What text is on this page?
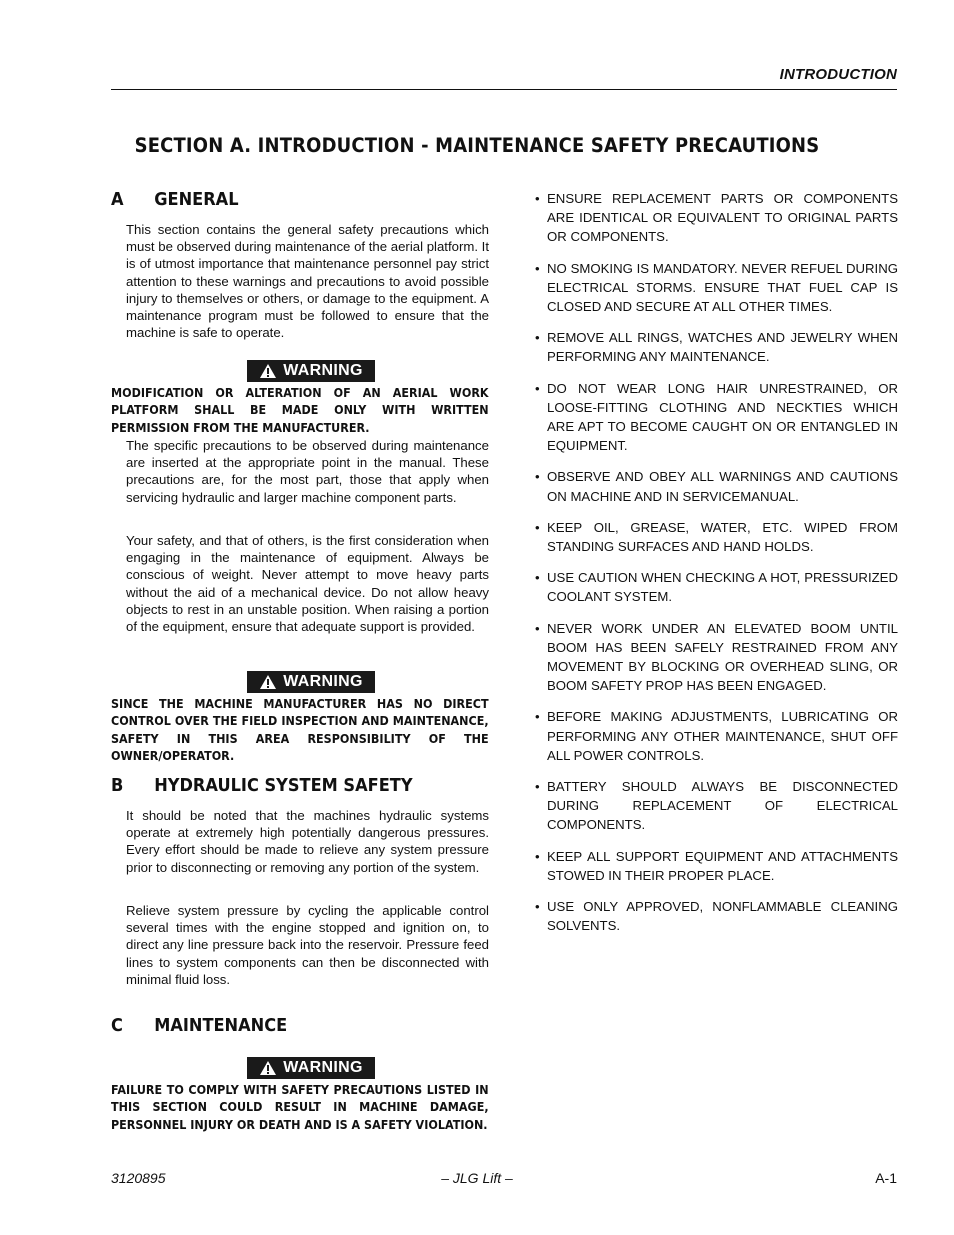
INTRODUCTION
SECTION A. INTRODUCTION - MAINTENANCE SAFETY PRECAUTIONS
A GENERAL
This section contains the general safety precautions which must be observed during maintenance of the aerial platform. It is of utmost importance that maintenance personnel pay strict attention to these warnings and precautions to avoid possible injury to themselves or others, or damage to the equipment. A maintenance program must be followed to ensure that the machine is safe to operate.
WARNING
MODIFICATION OR ALTERATION OF AN AERIAL WORK PLATFORM SHALL BE MADE ONLY WITH WRITTEN PERMISSION FROM THE MANUFACTURER.
The specific precautions to be observed during maintenance are inserted at the appropriate point in the manual. These precautions are, for the most part, those that apply when servicing hydraulic and larger machine component parts.
Your safety, and that of others, is the first consideration when engaging in the maintenance of equipment. Always be conscious of weight. Never attempt to move heavy parts without the aid of a mechanical device. Do not allow heavy objects to rest in an unstable position. When raising a portion of the equipment, ensure that adequate support is provided.
WARNING
SINCE THE MACHINE MANUFACTURER HAS NO DIRECT CONTROL OVER THE FIELD INSPECTION AND MAINTENANCE, SAFETY IN THIS AREA RESPONSIBILITY OF THE OWNER/OPERATOR.
B HYDRAULIC SYSTEM SAFETY
It should be noted that the machines hydraulic systems operate at extremely high potentially dangerous pressures. Every effort should be made to relieve any system pressure prior to disconnecting or removing any portion of the system.
Relieve system pressure by cycling the applicable control several times with the engine stopped and ignition on, to direct any line pressure back into the reservoir. Pressure feed lines to system components can then be disconnected with minimal fluid loss.
C MAINTENANCE
WARNING
FAILURE TO COMPLY WITH SAFETY PRECAUTIONS LISTED IN THIS SECTION COULD RESULT IN MACHINE DAMAGE, PERSONNEL INJURY OR DEATH AND IS A SAFETY VIOLATION.
• ENSURE REPLACEMENT PARTS OR COMPONENTS ARE IDENTICAL OR EQUIVALENT TO ORIGINAL PARTS OR COMPONENTS.
• NO SMOKING IS MANDATORY. NEVER REFUEL DURING ELECTRICAL STORMS. ENSURE THAT FUEL CAP IS CLOSED AND SECURE AT ALL OTHER TIMES.
• REMOVE ALL RINGS, WATCHES AND JEWELRY WHEN PERFORMING ANY MAINTENANCE.
• DO NOT WEAR LONG HAIR UNRESTRAINED, OR LOOSE-FITTING CLOTHING AND NECKTIES WHICH ARE APT TO BECOME CAUGHT ON OR ENTANGLED IN EQUIPMENT.
• OBSERVE AND OBEY ALL WARNINGS AND CAUTIONS ON MACHINE AND IN SERVICEMANUAL.
• KEEP OIL, GREASE, WATER, ETC. WIPED FROM STANDING SURFACES AND HAND HOLDS.
• USE CAUTION WHEN CHECKING A HOT, PRESSURIZED COOLANT SYSTEM.
• NEVER WORK UNDER AN ELEVATED BOOM UNTIL BOOM HAS BEEN SAFELY RESTRAINED FROM ANY MOVEMENT BY BLOCKING OR OVERHEAD SLING, OR BOOM SAFETY PROP HAS BEEN ENGAGED.
• BEFORE MAKING ADJUSTMENTS, LUBRICATING OR PERFORMING ANY OTHER MAINTENANCE, SHUT OFF ALL POWER CONTROLS.
• BATTERY SHOULD ALWAYS BE DISCONNECTED DURING REPLACEMENT OF ELECTRICAL COMPONENTS.
• KEEP ALL SUPPORT EQUIPMENT AND ATTACHMENTS STOWED IN THEIR PROPER PLACE.
• USE ONLY APPROVED, NONFLAMMABLE CLEANING SOLVENTS.
3120895	– JLG Lift –	A-1
